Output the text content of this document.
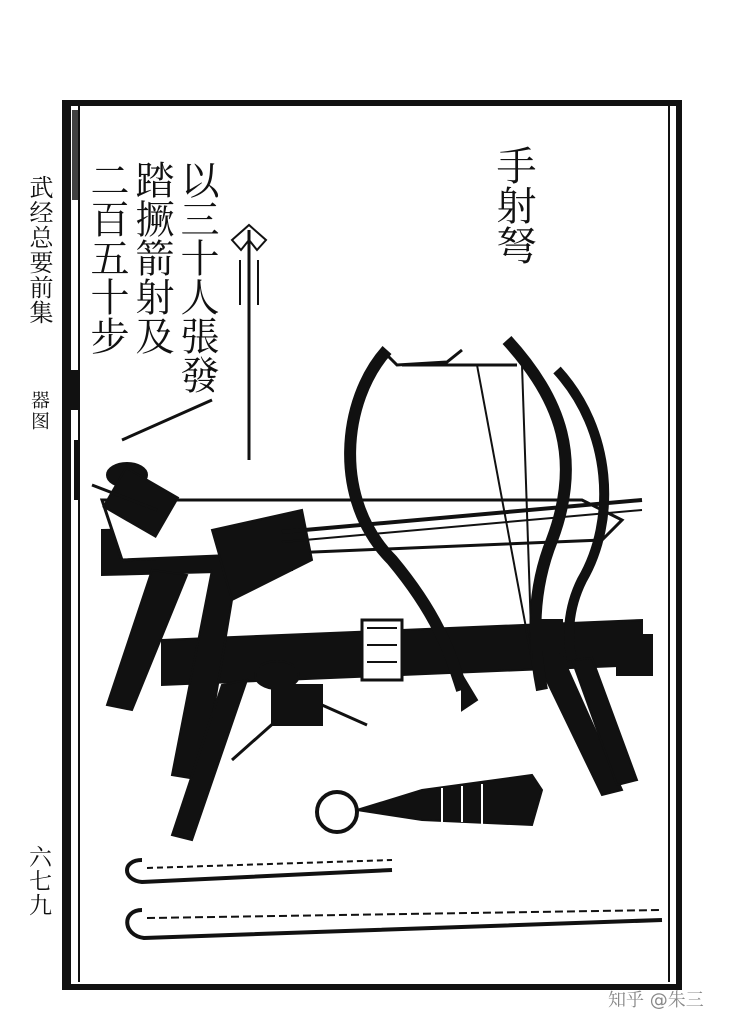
武经总要前集
器图
六七九
手射弩
以三十人張發
踏撅箭射及
二百五十步
知乎 @朱三
